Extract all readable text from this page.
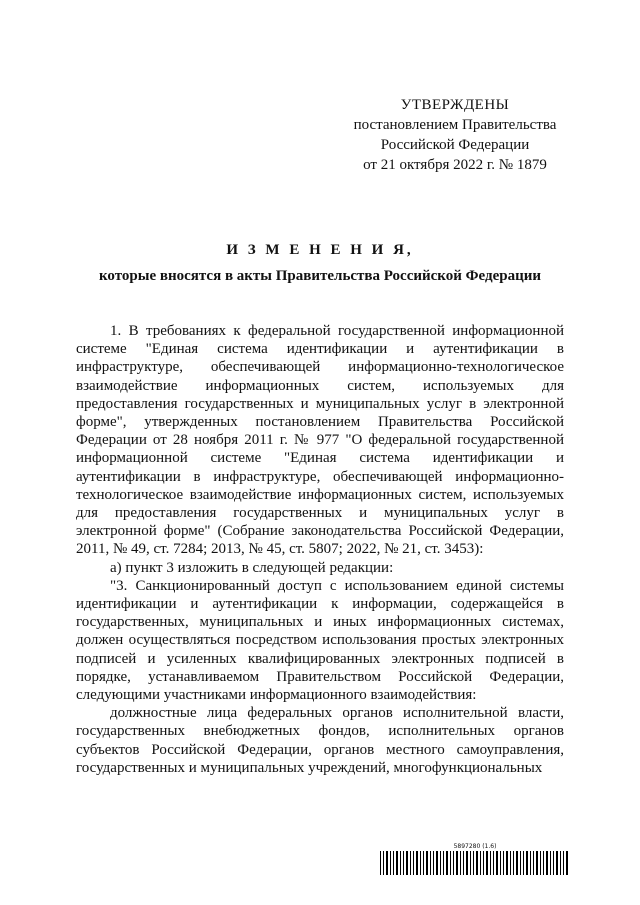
УТВЕРЖДЕНЫ
постановлением Правительства
Российской Федерации
от 21 октября 2022 г. № 1879
И З М Е Н Е Н И Я,
которые вносятся в акты Правительства Российской Федерации

1. В требованиях к федеральной государственной информационной системе "Единая система идентификации и аутентификации в инфраструктуре, обеспечивающей информационно-технологическое взаимодействие информационных систем, используемых для предоставления государственных и муниципальных услуг в электронной форме", утвержденных постановлением Правительства Российской Федерации от 28 ноября 2011 г. № 977 "О федеральной государственной информационной системе "Единая система идентификации и аутентификации в инфраструктуре, обеспечивающей информационно-технологическое взаимодействие информационных систем, используемых для предоставления государственных и муниципальных услуг в электронной форме" (Собрание законодательства Российской Федерации, 2011, № 49, ст. 7284; 2013, № 45, ст. 5807; 2022, № 21, ст. 3453):

а) пункт 3 изложить в следующей редакции:

"3. Санкционированный доступ с использованием единой системы идентификации и аутентификации к информации, содержащейся в государственных, муниципальных и иных информационных системах, должен осуществляться посредством использования простых электронных подписей и усиленных квалифицированных электронных подписей в порядке, устанавливаемом Правительством Российской Федерации, следующими участниками информационного взаимодействия:

должностные лица федеральных органов исполнительной власти, государственных внебюджетных фондов, исполнительных органов субъектов Российской Федерации, органов местного самоуправления, государственных и муниципальных учреждений, многофункциональных

5897280 (1.6)
